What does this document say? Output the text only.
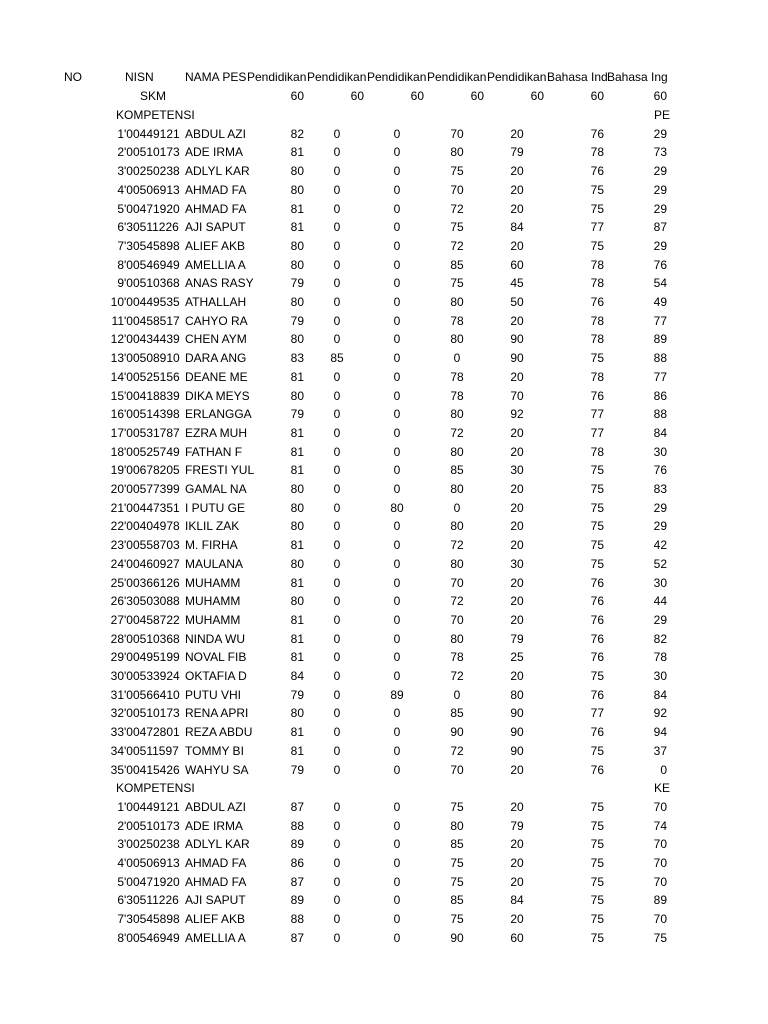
NO	NISN	NAMA PES Pendidikan Pendidikan Pendidikan Pendidikan Pendidikan Bahasa Ind Bahasa Ing
SKM	60	60	60	60	60	60	60
KOMPETENSI	PE
1 '00449121 ABDUL AZI	82	0	0	70	20	76	29
2 '00510173 ADE IRMA	81	0	0	80	79	78	73
3 '00250238 ADLYL KAR	80	0	0	75	20	76	29
4 '00506913 AHMAD FA	80	0	0	70	20	75	29
5 '00471920 AHMAD FA	81	0	0	72	20	75	29
6 '30511226 AJI SAPUT	81	0	0	75	84	77	87
7 '30545898 ALIEF AKB	80	0	0	72	20	75	29
8 '00546949 AMELLIA A	80	0	0	85	60	78	76
9 '00510368 ANAS RASY	79	0	0	75	45	78	54
10 '00449535 ATHALLAH	80	0	0	80	50	76	49
11 '00458517 CAHYO RA	79	0	0	78	20	78	77
12 '00434439 CHEN AYM	80	0	0	80	90	78	89
13 '00508910 DARA ANG	83	85	0	0	90	75	88
14 '00525156 DEANE ME	81	0	0	78	20	78	77
15 '00418839 DIKA MEYS	80	0	0	78	70	76	86
16 '00514398 ERLANGGA	79	0	0	80	92	77	88
17 '00531787 EZRA MUH	81	0	0	72	20	77	84
18 '00525749 FATHAN F	81	0	0	80	20	78	30
19 '00678205 FRESTI YUL	81	0	0	85	30	75	76
20 '00577399 GAMAL NA	80	0	0	80	20	75	83
21 '00447351 I PUTU GE	80	0	80	0	20	75	29
22 '00404978 IKLIL ZAK	80	0	0	80	20	75	29
23 '00558703 M. FIRHA	81	0	0	72	20	75	42
24 '00460927 MAULANA	80	0	0	80	30	75	52
25 '00366126 MUHAMM	81	0	0	70	20	76	30
26 '30503088 MUHAMM	80	0	0	72	20	76	44
27 '00458722 MUHAMM	81	0	0	70	20	76	29
28 '00510368 NINDA WU	81	0	0	80	79	76	82
29 '00495199 NOVAL FIB	81	0	0	78	25	76	78
30 '00533924 OKTAFIA D	84	0	0	72	20	75	30
31 '00566410 PUTU VHI	79	0	89	0	80	76	84
32 '00510173 RENA APRI	80	0	0	85	90	77	92
33 '00472801 REZA ABDU	81	0	0	90	90	76	94
34 '00511597 TOMMY BI	81	0	0	72	90	75	37
35 '00415426 WAHYU SA	79	0	0	70	20	76	0
KOMPETENSI	KE
1 '00449121 ABDUL AZI	87	0	0	75	20	75	70
2 '00510173 ADE IRMA	88	0	0	80	79	75	74
3 '00250238 ADLYL KAR	89	0	0	85	20	75	70
4 '00506913 AHMAD FA	86	0	0	75	20	75	70
5 '00471920 AHMAD FA	87	0	0	75	20	75	70
6 '30511226 AJI SAPUT	89	0	0	85	84	75	89
7 '30545898 ALIEF AKB	88	0	0	75	20	75	70
8 '00546949 AMELLIA A	87	0	0	90	60	75	75
